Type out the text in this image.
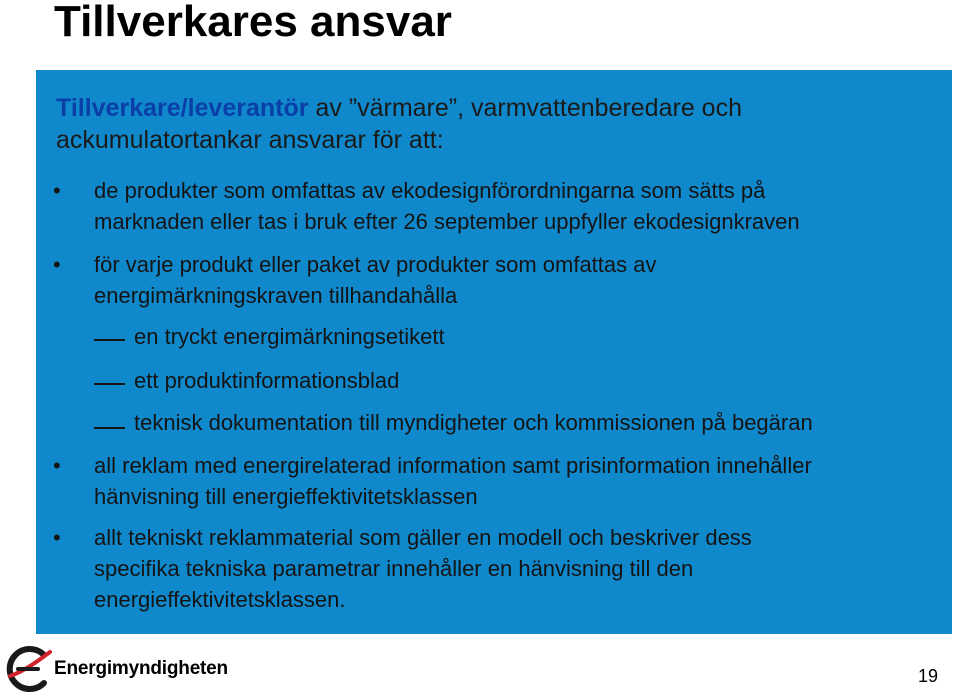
Tillverkares ansvar

Tillverkare/leverantör av ”värmare”, varmvattenberedare och ackumulatortankar ansvarar för att:

• de produkter som omfattas av ekodesignförordningarna som sätts på
marknaden eller tas i bruk efter 26 september uppfyller ekodesignkraven
• för varje produkt eller paket av produkter som omfattas av
energimärkningskraven tillhandahålla
en tryckt energimärkningsetikett
ett produktinformationsblad
teknisk dokumentation till myndigheter och kommissionen på begäran
• all reklam med energirelaterad information samt prisinformation innehåller
hänvisning till energieffektivitetsklassen
• allt tekniskt reklammaterial som gäller en modell och beskriver dess
specifika tekniska parametrar innehåller en hänvisning till den
energieffektivitetsklassen.
Energimyndigheten	19
